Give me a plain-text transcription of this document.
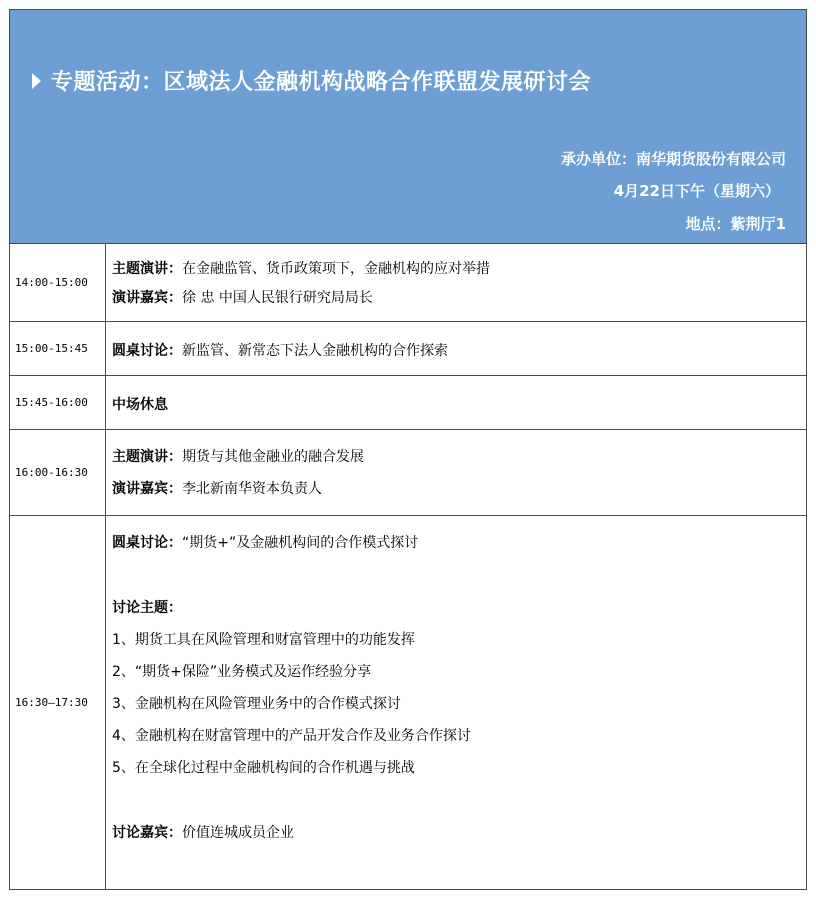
专题活动：区域法人金融机构战略合作联盟发展研讨会
承办单位：南华期货股份有限公司
4月22日下午（星期六）
地点：紫荆厅1
14:00-15:00
主题演讲：在金融监管、货币政策项下，金融机构的应对举措
演讲嘉宾：徐 忠 中国人民银行研究局局长
15:00-15:45	圆桌讨论：新监管、新常态下法人金融机构的合作探索
15:45-16:00	中场休息
16:00-16:30
主题演讲：期货与其他金融业的融合发展
演讲嘉宾：李北新南华资本负责人
16:30—17:30
圆桌讨论：“期货+”及金融机构间的合作模式探讨
讨论主题：
1、期货工具在风险管理和财富管理中的功能发挥
2、“期货+保险”业务模式及运作经验分享
3、金融机构在风险管理业务中的合作模式探讨
4、金融机构在财富管理中的产品开发合作及业务合作探讨
5、在全球化过程中金融机构间的合作机遇与挑战
讨论嘉宾：价值连城成员企业
